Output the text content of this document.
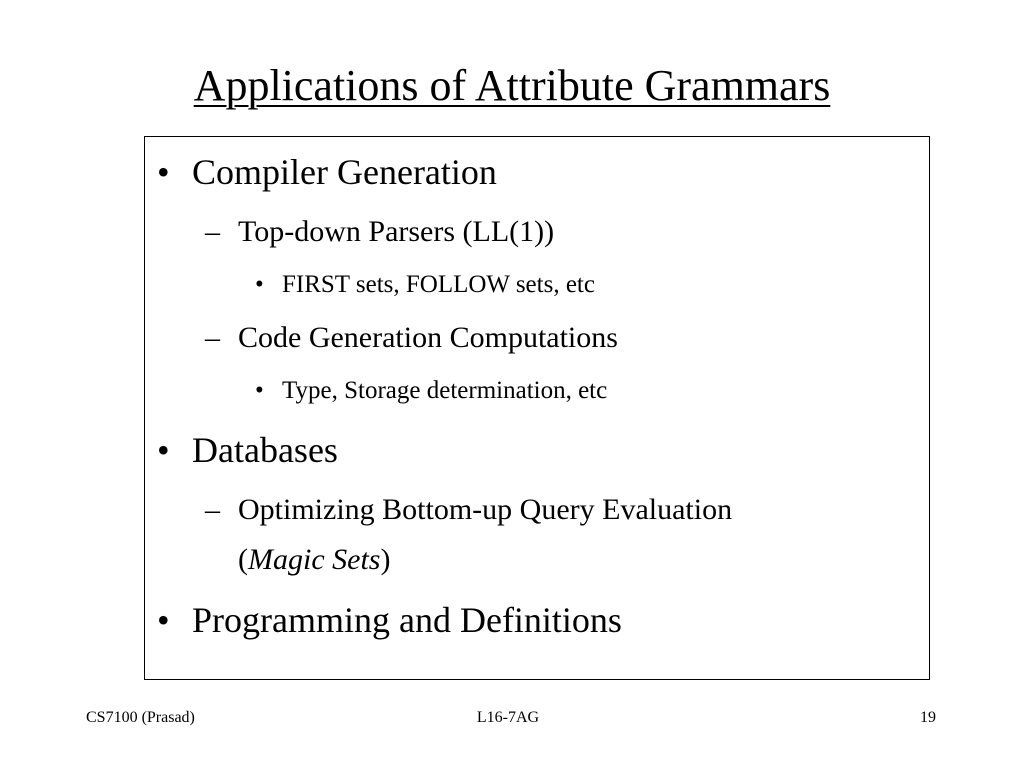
Applications of Attribute Grammars
• Compiler Generation
– Top-down Parsers (LL(1))
• FIRST sets, FOLLOW sets, etc
– Code Generation Computations
• Type, Storage determination, etc
• Databases
– Optimizing Bottom-up Query Evaluation
(Magic Sets)
• Programming and Definitions
CS7100 (Prasad)	L16-7AG	19
